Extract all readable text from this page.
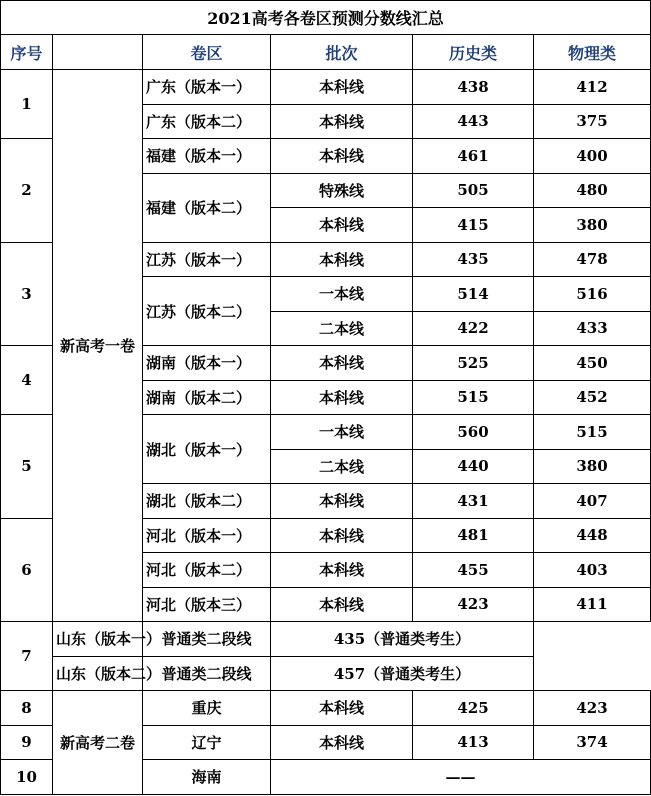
2021高考各卷区预测分数线汇总					
序号		卷区	批次	历史类	物理类
1	新高考一卷	广东（版本一）	本科线	438	412
		广东（版本二）	本科线	443	375
2		福建（版本一）	本科线	461	400
		福建（版本二）	特殊线	505	480
			本科线	415	380
3		江苏（版本一）	本科线	435	478
		江苏（版本二）	一本线	514	516
			二本线	422	433
4		湖南（版本一）	本科线	525	450
		湖南（版本二）	本科线	515	452
5		湖北（版本一）	一本线	560	515
			二本线	440	380
		湖北（版本二）	本科线	431	407
6		河北（版本一）	本科线	481	448
		河北（版本二）	本科线	455	403
		河北（版本三）	本科线	423	411
7	山东（版本一）	普通类二段线	435（普通类考生）		
	山东（版本二）	普通类二段线	457（普通类考生）		
8	新高考二卷	重庆	本科线	425	423
9		辽宁	本科线	413	374
10		海南	——		
